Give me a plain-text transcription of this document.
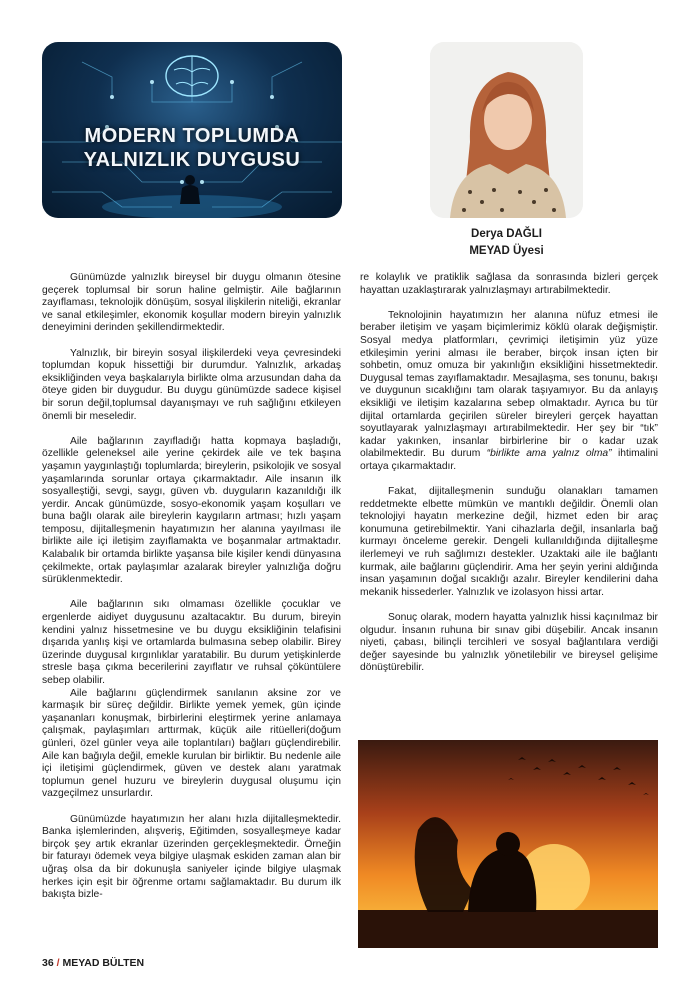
MODERN TOPLUMDA
YALNIZLIK DUYGUSU
Derya DAĞLI
MEYAD Üyesi

Günümüzde yalnızlık bireysel bir duygu olmanın ötesine geçerek toplumsal bir sorun haline gelmiştir. Aile bağlarının zayıflaması, teknolojik dönüşüm, sosyal ilişkilerin niteliği, ekranlar ve sanal etkileşimler, ekonomik koşullar modern bireyin yalnızlık deneyimini derinden şekillendirmektedir.

Yalnızlık, bir bireyin sosyal ilişkilerdeki veya çevresindeki toplumdan kopuk hissettiği bir durumdur. Yalnızlık, arkadaş eksikliğinden veya başkalarıyla birlikte olma arzusundan daha da öteye giden bir duygudur. Bu duygu günümüzde sadece kişisel bir sorun değil,toplumsal dayanışmayı ve ruh sağlığını etkileyen önemli bir meseledir.

Aile bağlarının zayıfladığı hatta kopmaya başladığı, özellikle geleneksel aile yerine çekirdek aile ve tek başına yaşamın yaygınlaştığı toplumlarda; bireylerin, psikolojik ve sosyal yaşamlarında sorunlar ortaya çıkarmaktadır. Aile insanın ilk sosyalleştiği, sevgi, saygı, güven vb. duyguların kazanıldığı ilk yerdir. Ancak günümüzde, sosyo-ekonomik yaşam koşulları ve buna bağlı olarak aile bireylerin kaygıların artması; hızlı yaşam temposu, dijitalleşmenin hayatımızın her alanına yayılması ile birlikte aile içi iletişim zayıflamakta ve boşanmalar artmaktadır. Kalabalık bir ortamda birlikte yaşansa bile kişiler kendi dünyasına çekilmekte, ortak paylaşımlar azalarak bireyler yalnızlığa doğru sürüklenmektedir.

Aile bağlarının sıkı olmaması özellikle çocuklar ve ergenlerde aidiyet duygusunu azaltacaktır. Bu durum, bireyin kendini yalnız hissetmesine ve bu duygu eksikliğinin telafisini dışarıda yanlış kişi ve ortamlarda bulmasına sebep olabilir. Birey üzerinde duygusal kırgınlıklar yaratabilir. Bu durum yetişkinlerde stresle başa çıkma becerilerini zayıflatır ve ruhsal çöküntülere sebep olabilir.

Aile bağlarını güçlendirmek sanılanın aksine zor ve karmaşık bir süreç değildir. Birlikte yemek yemek, gün içinde yaşananları konuşmak, birbirlerini eleştirmek yerine anlamaya çalışmak, paylaşımları arttırmak, küçük aile ritüelleri(doğum günleri, özel günler veya aile toplantıları) bağları güçlendirebilir. Aile kan bağıyla değil, emekle kurulan bir birliktir. Bu nedenle aile içi iletişimi güçlendirmek, güven ve destek alanı yaratmak toplumun genel huzuru ve bireylerin duygusal oluşumu için vazgeçilmez unsurlardır.

Günümüzde hayatımızın her alanı hızla dijitalleşmektedir. Banka işlemlerinden, alışveriş, Eğitimden, sosyalleşmeye kadar birçok şey artık ekranlar üzerinden gerçekleşmektedir. Örneğin bir faturayı ödemek veya bilgiye ulaşmak eskiden zaman alan bir uğraş olsa da bir dokunuşla saniyeler içinde bilgiye ulaşmak herkes için eşit bir öğrenme ortamı sağlamaktadır. Bu durum ilk bakışta bizle-

re kolaylık ve pratiklik sağlasa da sonrasında bizleri gerçek hayattan uzaklaştırarak yalnızlaşmayı artırabilmektedir.

Teknolojinin hayatımızın her alanına nüfuz etmesi ile beraber iletişim ve yaşam biçimlerimiz köklü olarak değişmiştir. Sosyal medya platformları, çevrimiçi iletişimin yüz yüze etkileşimin yerini alması ile beraber, birçok insan içten bir sohbetin, omuz omuza bir yakınlığın eksikliğini hissetmektedir. Duygusal temas zayıflamaktadır. Mesajlaşma, ses tonunu, bakışı ve duygunun sıcaklığını tam olarak taşıyamıyor. Bu da anlayış eksikliği ve iletişim kazalarına sebep olmaktadır. Ayrıca bu tür dijital ortamlarda geçirilen süreler bireyleri gerçek hayattan soyutlayarak yalnızlaşmayı artırabilmektedir. Her şey bir “tık” kadar yakınken, insanlar birbirlerine bir o kadar uzak olabilmektedir. Bu durum “birlikte ama yalnız olma” ihtimalini ortaya çıkarmaktadır.

Fakat, dijitalleşmenin sunduğu olanakları tamamen reddetmekte elbette mümkün ve mantıklı değildir. Önemli olan teknolojiyi hayatın merkezine değil, hizmet eden bir araç konumuna getirebilmektir. Yani cihazlarla değil, insanlarla bağ kurmayı önceleme gerekir. Dengeli kullanıldığında dijitalleşme ilerlemeyi ve ruh sağlımızı destekler. Uzaktaki aile ile bağlantı kurmak, aile bağlarını güçlendirir. Ama her şeyin yerini aldığında insan yaşamının doğal sıcaklığı azalır. Bireyler kendilerini daha mekanik hissederler. Yalnızlık ve izolasyon hissi artar.

Sonuç olarak, modern hayatta yalnızlık hissi kaçınılmaz bir olgudur. İnsanın ruhuna bir sınav gibi düşebilir. Ancak insanın niyeti, çabası, bilinçli tercihleri ve sosyal bağlantılara verdiği değer sayesinde bu yalnızlık yönetilebilir ve bireysel gelişime dönüştürebilir.

36 / MEYAD BÜLTEN
